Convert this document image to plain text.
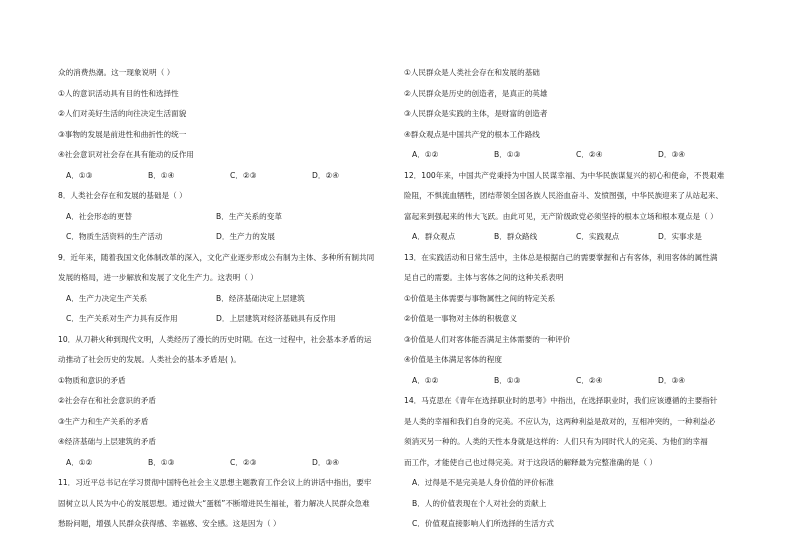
众的消费热潮。这一现象说明（ ）
①人的意识活动具有目的性和选择性
②人们对美好生活的向往决定生活面貌
③事物的发展是前进性和曲折性的统一
④社会意识对社会存在具有能动的反作用
A．①③	B．①④	C．②③	D．②④
8．人类社会存在和发展的基础是（ ）
A．社会形态的更替	B．生产关系的变革
C．物质生活资料的生产活动	D．生产力的发展
9．近年来，随着我国文化体制改革的深入，文化产业逐步形成公有制为主体、多种所有制共同
发展的格局，进一步解放和发展了文化生产力。这表明（ ）
A．生产力决定生产关系	B．经济基础决定上层建筑
C．生产关系对生产力具有反作用	D．上层建筑对经济基础具有反作用
10．从刀耕火种到现代文明，人类经历了漫长的历史时期。在这一过程中，社会基本矛盾的运
动推动了社会历史的发展。人类社会的基本矛盾是( )。
①物质和意识的矛盾
②社会存在和社会意识的矛盾
③生产力和生产关系的矛盾
④经济基础与上层建筑的矛盾
A．①②	B．①③	C．②③	D．③④
11．习近平总书记在学习贯彻中国特色社会主义思想主题教育工作会议上的讲话中指出，要牢
固树立以人民为中心的发展思想。通过做大“蛋糕”不断增进民生福祉，着力解决人民群众急难
愁盼问题，增强人民群众获得感、幸福感、安全感。这是因为（ ）
①人民群众是人类社会存在和发展的基础
②人民群众是历史的创造者，是真正的英雄
③人民群众是实践的主体，是财富的创造者
④群众观点是中国共产党的根本工作路线
A．①②	B．①③	C．②④	D．③④
12．100年来，中国共产党秉持为中国人民谋幸福、为中华民族谋复兴的初心和使命，不畏艰难
险阻，不惧流血牺牲，团结带领全国各族人民浴血奋斗、发愤图强，中华民族迎来了从站起来、
富起来到强起来的伟大飞跃。由此可见，无产阶级政党必须坚持的根本立场和根本观点是（ ）
A．群众观点	B．群众路线	C．实践观点	D．实事求是
13．在实践活动和日常生活中，主体总是根据自己的需要掌握和占有客体，利用客体的属性满
足自己的需要。主体与客体之间的这种关系表明
①价值是主体需要与事物属性之间的特定关系
②价值是一事物对主体的积极意义
③价值是人们对客体能否满足主体需要的一种评价
④价值是主体满足客体的程度
A．①②	B．①③	C．②④	D．③④
14．马克思在《青年在选择职业时的思考》中指出，在选择职业时，我们应该遵循的主要指针
是人类的幸福和我们自身的完美。不应认为，这两种利益是敌对的，互相冲突的，一种利益必
须消灭另一种的。人类的天性本身就是这样的：人们只有为同时代人的完美、为他们的幸福
而工作，才能使自己也过得完美。对于这段话的解释最为完整准确的是（ ）
A．过得是不是完美是人身价值的评价标准
B．人的价值表现在个人对社会的贡献上
C．价值观直接影响人们所选择的生活方式
